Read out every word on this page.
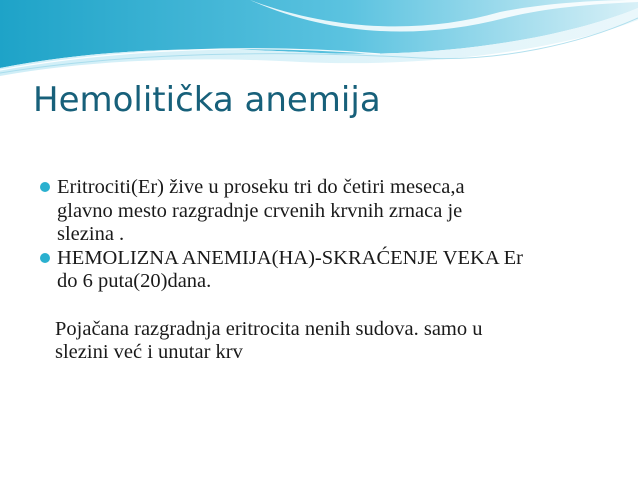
Hemolitička anemija
Eritrociti(Er) žive u proseku tri do četiri meseca,a
glavno mesto razgradnje crvenih krvnih zrnaca je
slezina .
HEMOLIZNA ANEMIJA(HA)-SKRAĆENJE VEKA Er
do 6 puta(20)dana.
Pojačana razgradnja eritrocita nenih sudova. samo u
slezini već i unutar krv
